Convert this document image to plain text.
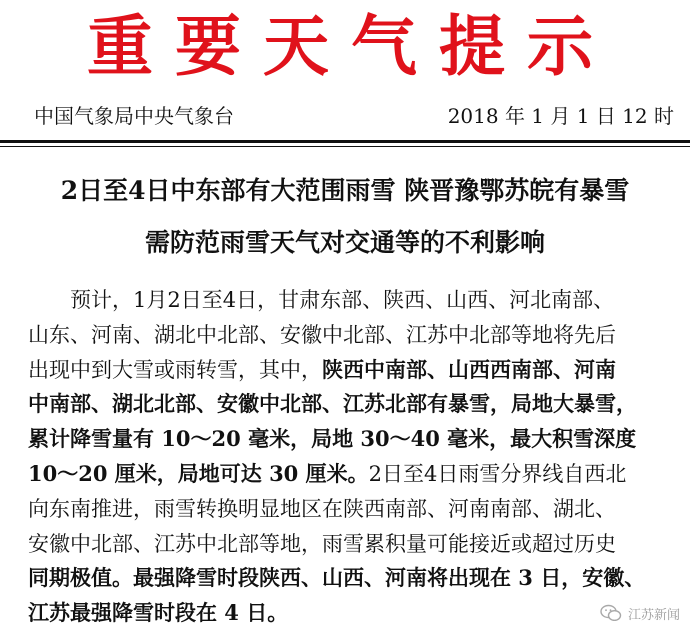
重要天气提示
中国气象局中央气象台	2018 年 1 月 1 日 12 时
2日至4日中东部有大范围雨雪 陕晋豫鄂苏皖有暴雪
需防范雨雪天气对交通等的不利影响
预计，1月2日至4日，甘肃东部、陕西、山西、河北南部、
山东、河南、湖北中北部、安徽中北部、江苏中北部等地将先后
出现中到大雪或雨转雪，其中，陕西中南部、山西西南部、河南
中南部、湖北北部、安徽中北部、江苏北部有暴雪，局地大暴雪，
累计降雪量有 10～20 毫米，局地 30～40 毫米，最大积雪深度
10～20 厘米，局地可达 30 厘米。2日至4日雨雪分界线自西北
向东南推进，雨雪转换明显地区在陕西南部、河南南部、湖北、
安徽中北部、江苏中北部等地，雨雪累积量可能接近或超过历史
同期极值。最强降雪时段陕西、山西、河南将出现在 3 日，安徽、
江苏最强降雪时段在 4 日。	江苏新闻
